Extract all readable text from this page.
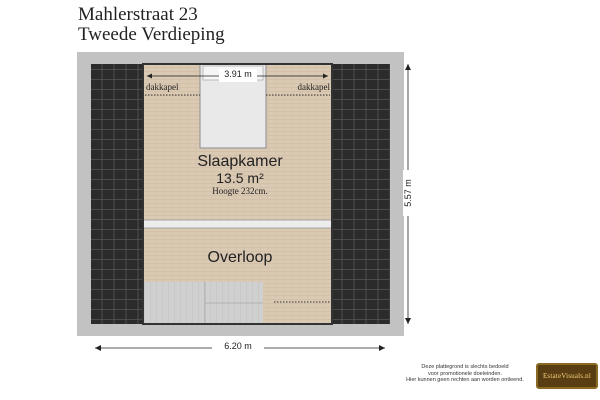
Mahlerstraat 23
Tweede Verdieping
3.91 m
6.20 m
5.57 m
dakkapel	dakkapel
Slaapkamer
13.5 m²
Hoogte 232cm.
Overloop
Deze plattegrond is slechts bedoeld
voor promotionele doeleinden.
Hier kunnen geen rechten aan worden ontleend.
EstateVisuals.nl
